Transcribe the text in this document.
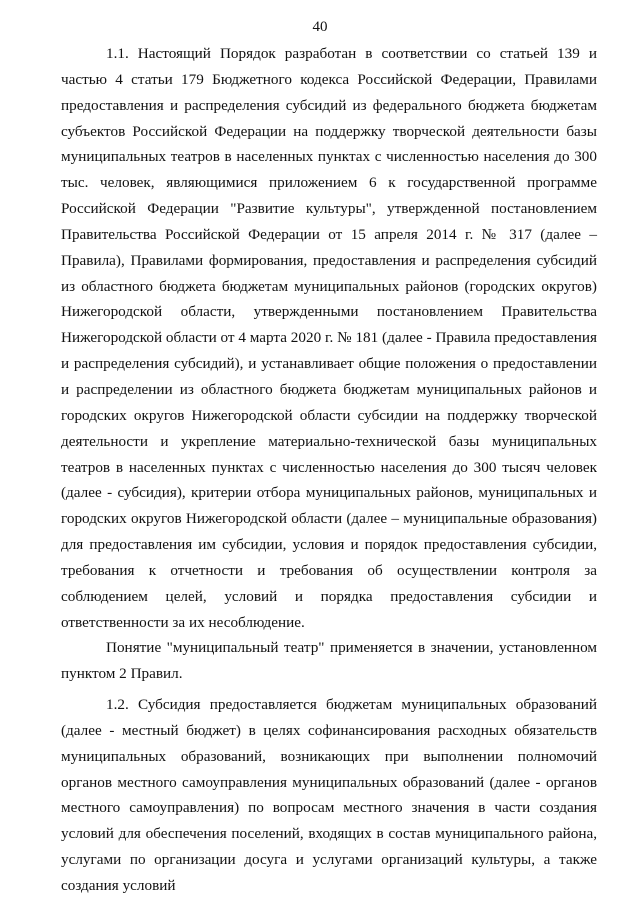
40

1.1. Настоящий Порядок разработан в соответствии со статьей 139 и частью 4 статьи 179 Бюджетного кодекса Российской Федерации, Правилами предоставления и распределения субсидий из федерального бюджета бюджетам субъектов Российской Федерации на поддержку творческой деятельности базы муниципальных театров в населенных пунктах с численностью населения до 300 тыс. человек, являющимися приложением 6 к государственной программе Российской Федерации "Развитие культуры", утвержденной постановлением Правительства Российской Федерации от 15 апреля 2014 г. № 317 (далее – Правила), Правилами формирования, предоставления и распределения субсидий из областного бюджета бюджетам муниципальных районов (городских округов) Нижегородской области, утвержденными постановлением Правительства Нижегородской области от 4 марта 2020 г. № 181 (далее - Правила предоставления и распределения субсидий), и устанавливает общие положения о предоставлении и распределении из областного бюджета бюджетам муниципальных районов и городских округов Нижегородской области субсидии на поддержку творческой деятельности и укрепление материально-технической базы муниципальных театров в населенных пунктах с численностью населения до 300 тысяч человек (далее - субсидия), критерии отбора муниципальных районов, муниципальных и городских округов Нижегородской области (далее – муниципальные образования) для предоставления им субсидии, условия и порядок предоставления субсидии, требования к отчетности и требования об осуществлении контроля за соблюдением целей, условий и порядка предоставления субсидии и ответственности за их несоблюдение.

Понятие "муниципальный театр" применяется в значении, установленном пунктом 2 Правил.

1.2. Субсидия предоставляется бюджетам муниципальных образований (далее - местный бюджет) в целях софинансирования расходных обязательств муниципальных образований, возникающих при выполнении полномочий органов местного самоуправления муниципальных образований (далее - органов местного самоуправления) по вопросам местного значения в части создания условий для обеспечения поселений, входящих в состав муниципального района, услугами по организации досуга и услугами организаций культуры, а также создания условий
